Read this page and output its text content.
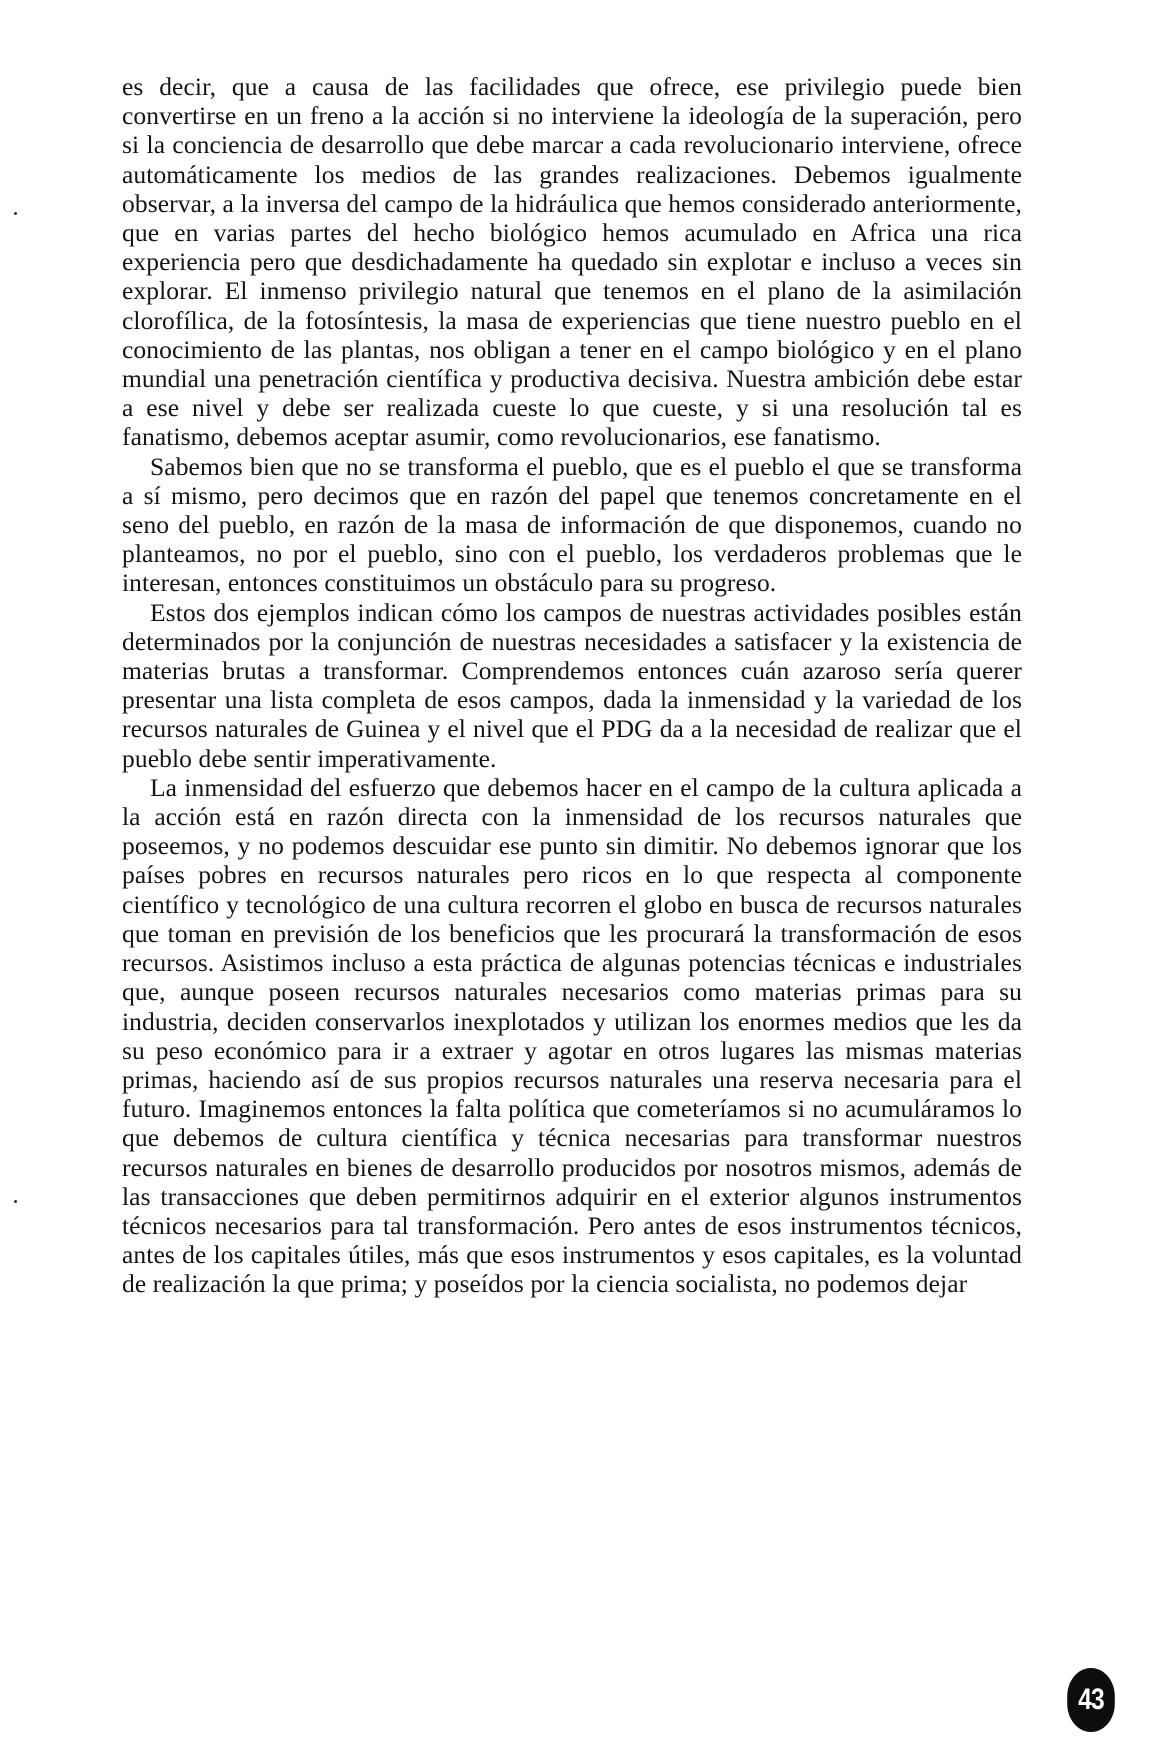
es decir, que a causa de las facilidades que ofrece, ese privilegio puede bien convertirse en un freno a la acción si no interviene la ideología de la superación, pero si la conciencia de desarrollo que debe marcar a cada revolucionario interviene, ofrece automáticamente los medios de las grandes realizaciones. Debemos igualmente observar, a la inversa del campo de la hidráulica que hemos considerado anteriormente, que en varias partes del hecho biológico hemos acumulado en Africa una rica experiencia pero que desdichadamente ha quedado sin explotar e incluso a veces sin explorar. El inmenso privilegio natural que tenemos en el plano de la asimilación clorofílica, de la fotosíntesis, la masa de experiencias que tiene nuestro pueblo en el conocimiento de las plantas, nos obligan a tener en el campo biológico y en el plano mundial una penetración científica y productiva decisiva. Nuestra ambición debe estar a ese nivel y debe ser realizada cueste lo que cueste, y si una resolución tal es fanatismo, debemos aceptar asumir, como revolucionarios, ese fanatismo.

Sabemos bien que no se transforma el pueblo, que es el pueblo el que se transforma a sí mismo, pero decimos que en razón del papel que tenemos concretamente en el seno del pueblo, en razón de la masa de información de que disponemos, cuando no planteamos, no por el pueblo, sino con el pueblo, los verdaderos problemas que le interesan, entonces constituimos un obstáculo para su progreso.

Estos dos ejemplos indican cómo los campos de nuestras actividades posibles están determinados por la conjunción de nuestras necesidades a satisfacer y la existencia de materias brutas a transformar. Comprendemos entonces cuán azaroso sería querer presentar una lista completa de esos campos, dada la inmensidad y la variedad de los recursos naturales de Guinea y el nivel que el PDG da a la necesidad de realizar que el pueblo debe sentir imperativamente.

La inmensidad del esfuerzo que debemos hacer en el campo de la cultura aplicada a la acción está en razón directa con la inmensidad de los recursos naturales que poseemos, y no podemos descuidar ese punto sin dimitir. No debemos ignorar que los países pobres en recursos naturales pero ricos en lo que respecta al componente científico y tecnológico de una cultura recorren el globo en busca de recursos naturales que toman en previsión de los beneficios que les procurará la transformación de esos recursos. Asistimos incluso a esta práctica de algunas potencias técnicas e industriales que, aunque poseen recursos naturales necesarios como materias primas para su industria, deciden conservarlos inexplotados y utilizan los enormes medios que les da su peso económico para ir a extraer y agotar en otros lugares las mismas materias primas, haciendo así de sus propios recursos naturales una reserva necesaria para el futuro. Imaginemos entonces la falta política que cometeríamos si no acumuláramos lo que debemos de cultura científica y técnica necesarias para transformar nuestros recursos naturales en bienes de desarrollo producidos por nosotros mismos, además de las transacciones que deben permitirnos adquirir en el exterior algunos instrumentos técnicos necesarios para tal transformación. Pero antes de esos instrumentos técnicos, antes de los capitales útiles, más que esos instrumentos y esos capitales, es la voluntad de realización la que prima; y poseídos por la ciencia socialista, no podemos dejar

43
